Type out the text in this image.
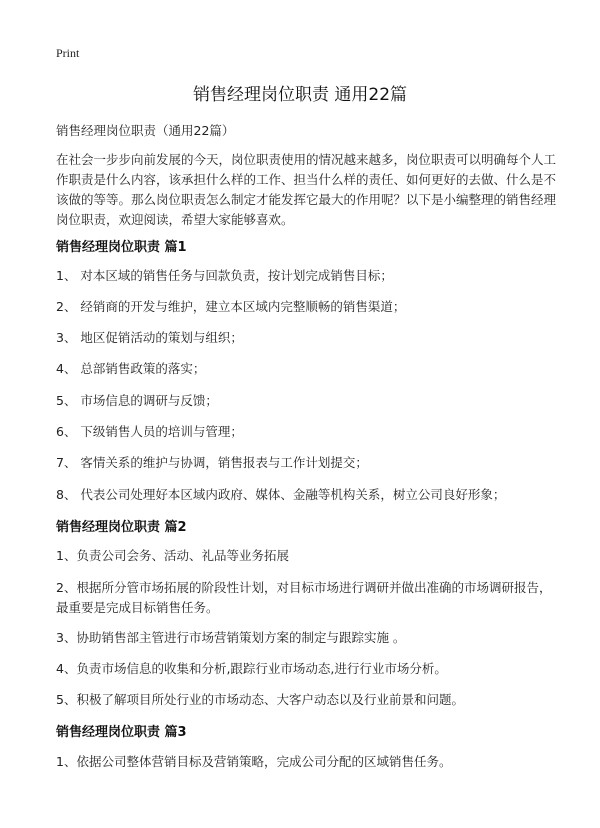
Print
销售经理岗位职责 通用22篇
销售经理岗位职责（通用22篇）
在社会一步步向前发展的今天，岗位职责使用的情况越来越多，岗位职责可以明确每个人工作职责是什么内容，该承担什么样的工作、担当什么样的责任、如何更好的去做、什么是不该做的等等。那么岗位职责怎么制定才能发挥它最大的作用呢？以下是小编整理的销售经理岗位职责，欢迎阅读，希望大家能够喜欢。
销售经理岗位职责 篇1
1、 对本区域的销售任务与回款负责，按计划完成销售目标；
2、 经销商的开发与维护，建立本区域内完整顺畅的销售渠道；
3、 地区促销活动的策划与组织；
4、 总部销售政策的落实；
5、 市场信息的调研与反馈；
6、 下级销售人员的培训与管理；
7、 客情关系的维护与协调，销售报表与工作计划提交；
8、 代表公司处理好本区域内政府、媒体、金融等机构关系，树立公司良好形象；
销售经理岗位职责 篇2
1、负责公司会务、活动、礼品等业务拓展
2、根据所分管市场拓展的阶段性计划，对目标市场进行调研并做出准确的市场调研报告，最重要是完成目标销售任务。
3、协助销售部主管进行市场营销策划方案的制定与跟踪实施 。
4、负责市场信息的收集和分析,跟踪行业市场动态,进行行业市场分析。
5、积极了解项目所处行业的市场动态、大客户动态以及行业前景和问题。
销售经理岗位职责 篇3
1、依据公司整体营销目标及营销策略，完成公司分配的区域销售任务。
